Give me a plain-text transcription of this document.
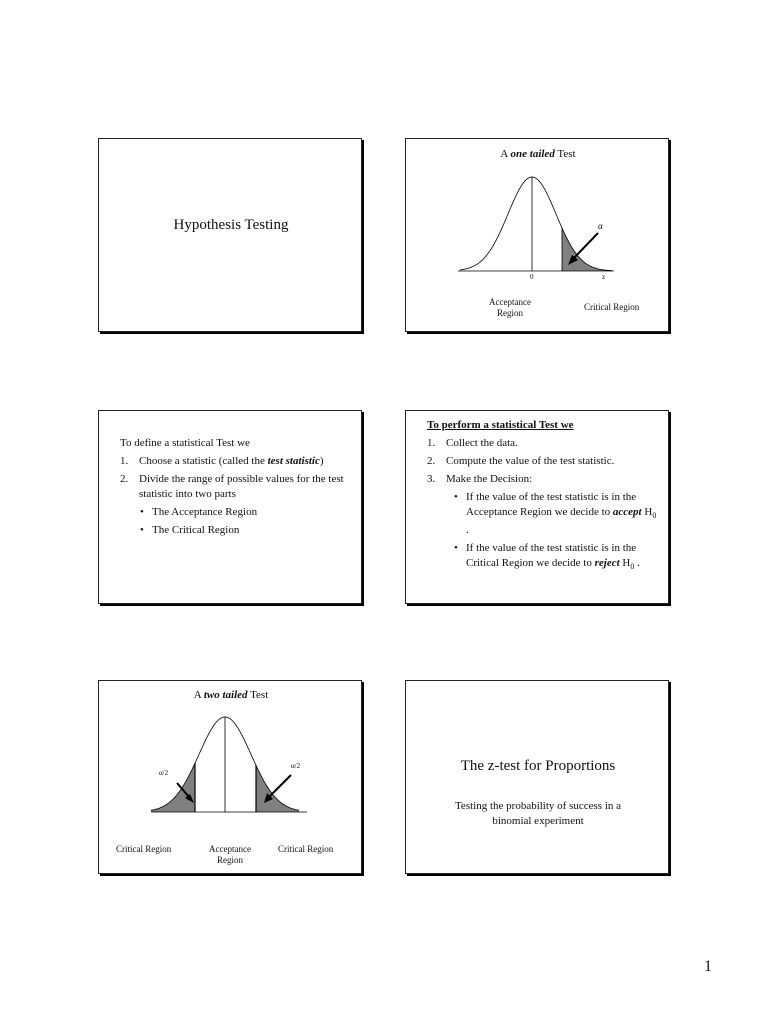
Hypothesis Testing
A one tailed Test
α
0	z
Acceptance
Region
Critical Region
To define a statistical Test we
1. Choose a statistic (called the test statistic)
2. Divide the range of possible values for the test statistic into two parts
• The Acceptance Region
• The Critical Region
To perform a statistical Test we
1. Collect the data.
2. Compute the value of the test statistic.
3. Make the Decision:
• If the value of the test statistic is in the Acceptance Region we decide to accept $H_0$ .
• If the value of the test statistic is in the Critical Region we decide to reject $H_0$ .
A two tailed Test
α/2
α/2
Critical Region	Acceptance
Region
Critical Region
The z-test for Proportions
Testing the probability of success in a
binomial experiment
1
